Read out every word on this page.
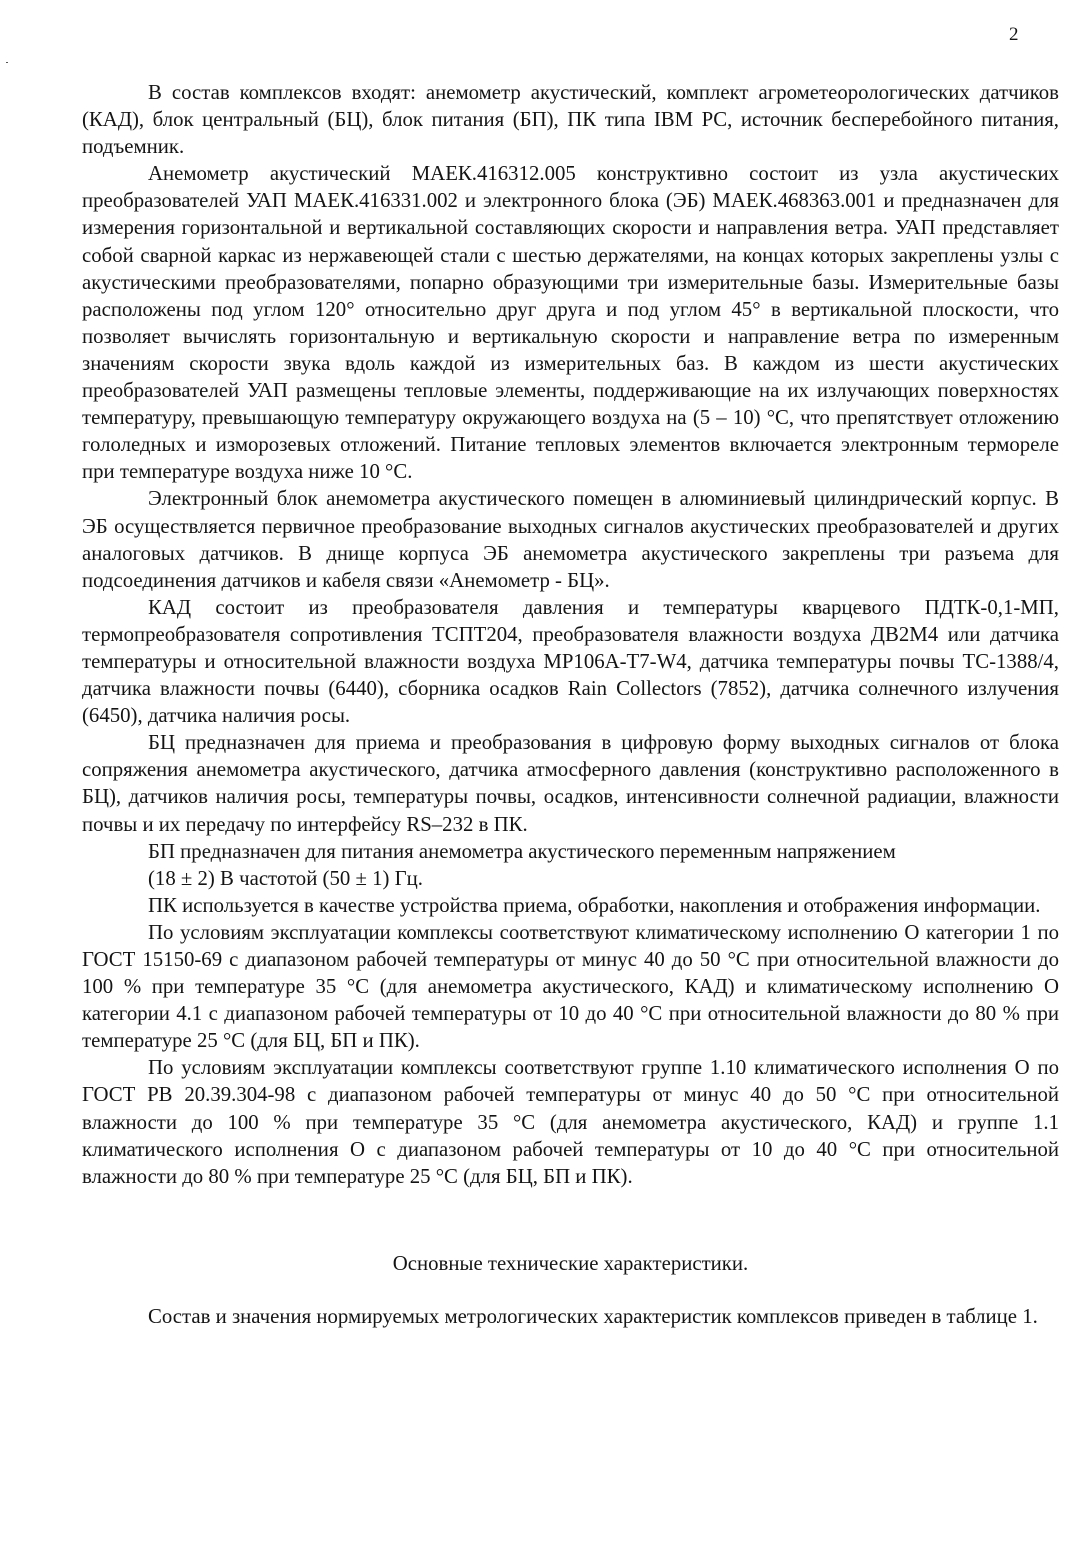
2

В состав комплексов входят: анемометр акустический, комплект агрометеорологических датчиков (КАД), блок центральный (БЦ), блок питания (БП), ПК типа IBM PC, источник бесперебойного питания, подъемник.

Анемометр акустический МАЕК.416312.005 конструктивно состоит из узла акустических преобразователей УАП МАЕК.416331.002 и электронного блока (ЭБ) МАЕК.468363.001 и предназначен для измерения горизонтальной и вертикальной составляющих скорости и направления ветра. УАП представляет собой сварной каркас из нержавеющей стали с шестью держателями, на концах которых закреплены узлы с акустическими преобразователями, попарно образующими три измерительные базы. Измерительные базы расположены под углом 120° относительно друг друга и под углом 45° в вертикальной плоскости, что позволяет вычислять горизонтальную и вертикальную скорости и направление ветра по измеренным значениям скорости звука вдоль каждой из измерительных баз. В каждом из шести акустических преобразователей УАП размещены тепловые элементы, поддерживающие на их излучающих поверхностях температуру, превышающую температуру окружающего воздуха на (5 – 10) °С, что препятствует отложению гололедных и изморозевых отложений. Питание тепловых элементов включается электронным термореле при температуре воздуха ниже 10 °С.

Электронный блок анемометра акустического помещен в алюминиевый цилиндрический корпус. В ЭБ осуществляется первичное преобразование выходных сигналов акустических преобразователей и других аналоговых датчиков. В днище корпуса ЭБ анемометра акустического закреплены три разъема для подсоединения датчиков и кабеля связи «Анемометр - БЦ».

КАД состоит из преобразователя давления и температуры кварцевого ПДТК-0,1-МП, термопреобразователя сопротивления ТСПТ204, преобразователя влажности воздуха ДВ2М4 или датчика температуры и относительной влажности воздуха MP106A-T7-W4, датчика температуры почвы ТС-1388/4, датчика влажности почвы (6440), сборника осадков Rain Collectors (7852), датчика солнечного излучения (6450), датчика наличия росы.

БЦ предназначен для приема и преобразования в цифровую форму выходных сигналов от блока сопряжения анемометра акустического, датчика атмосферного давления (конструктивно расположенного в БЦ), датчиков наличия росы, температуры почвы, осадков, интенсивности солнечной радиации, влажности почвы и их передачу по интерфейсу RS–232 в ПК.

БП предназначен для питания анемометра акустического переменным напряжением

(18 ± 2) В частотой (50 ± 1) Гц.

ПК используется в качестве устройства приема, обработки, накопления и отображения информации.

По условиям эксплуатации комплексы соответствуют климатическому исполнению О категории 1 по ГОСТ 15150-69 с диапазоном рабочей температуры от минус 40 до 50 °С при относительной влажности до 100 % при температуре 35 °С (для анемометра акустического, КАД) и климатическому исполнению О категории 4.1 с диапазоном рабочей температуры от 10 до 40 °С при относительной влажности до 80 % при температуре 25 °С (для БЦ, БП и ПК).

По условиям эксплуатации комплексы соответствуют группе 1.10 климатического исполнения О по ГОСТ РВ 20.39.304-98 с диапазоном рабочей температуры от минус 40 до 50 °С при относительной влажности до 100 % при температуре 35 °С (для анемометра акустического, КАД) и группе 1.1 климатического исполнения О с диапазоном рабочей температуры от 10 до 40 °С при относительной влажности до 80 % при температуре 25 °С (для БЦ, БП и ПК).

Основные технические характеристики.

Состав и значения нормируемых метрологических характеристик комплексов приведен в таблице 1.
